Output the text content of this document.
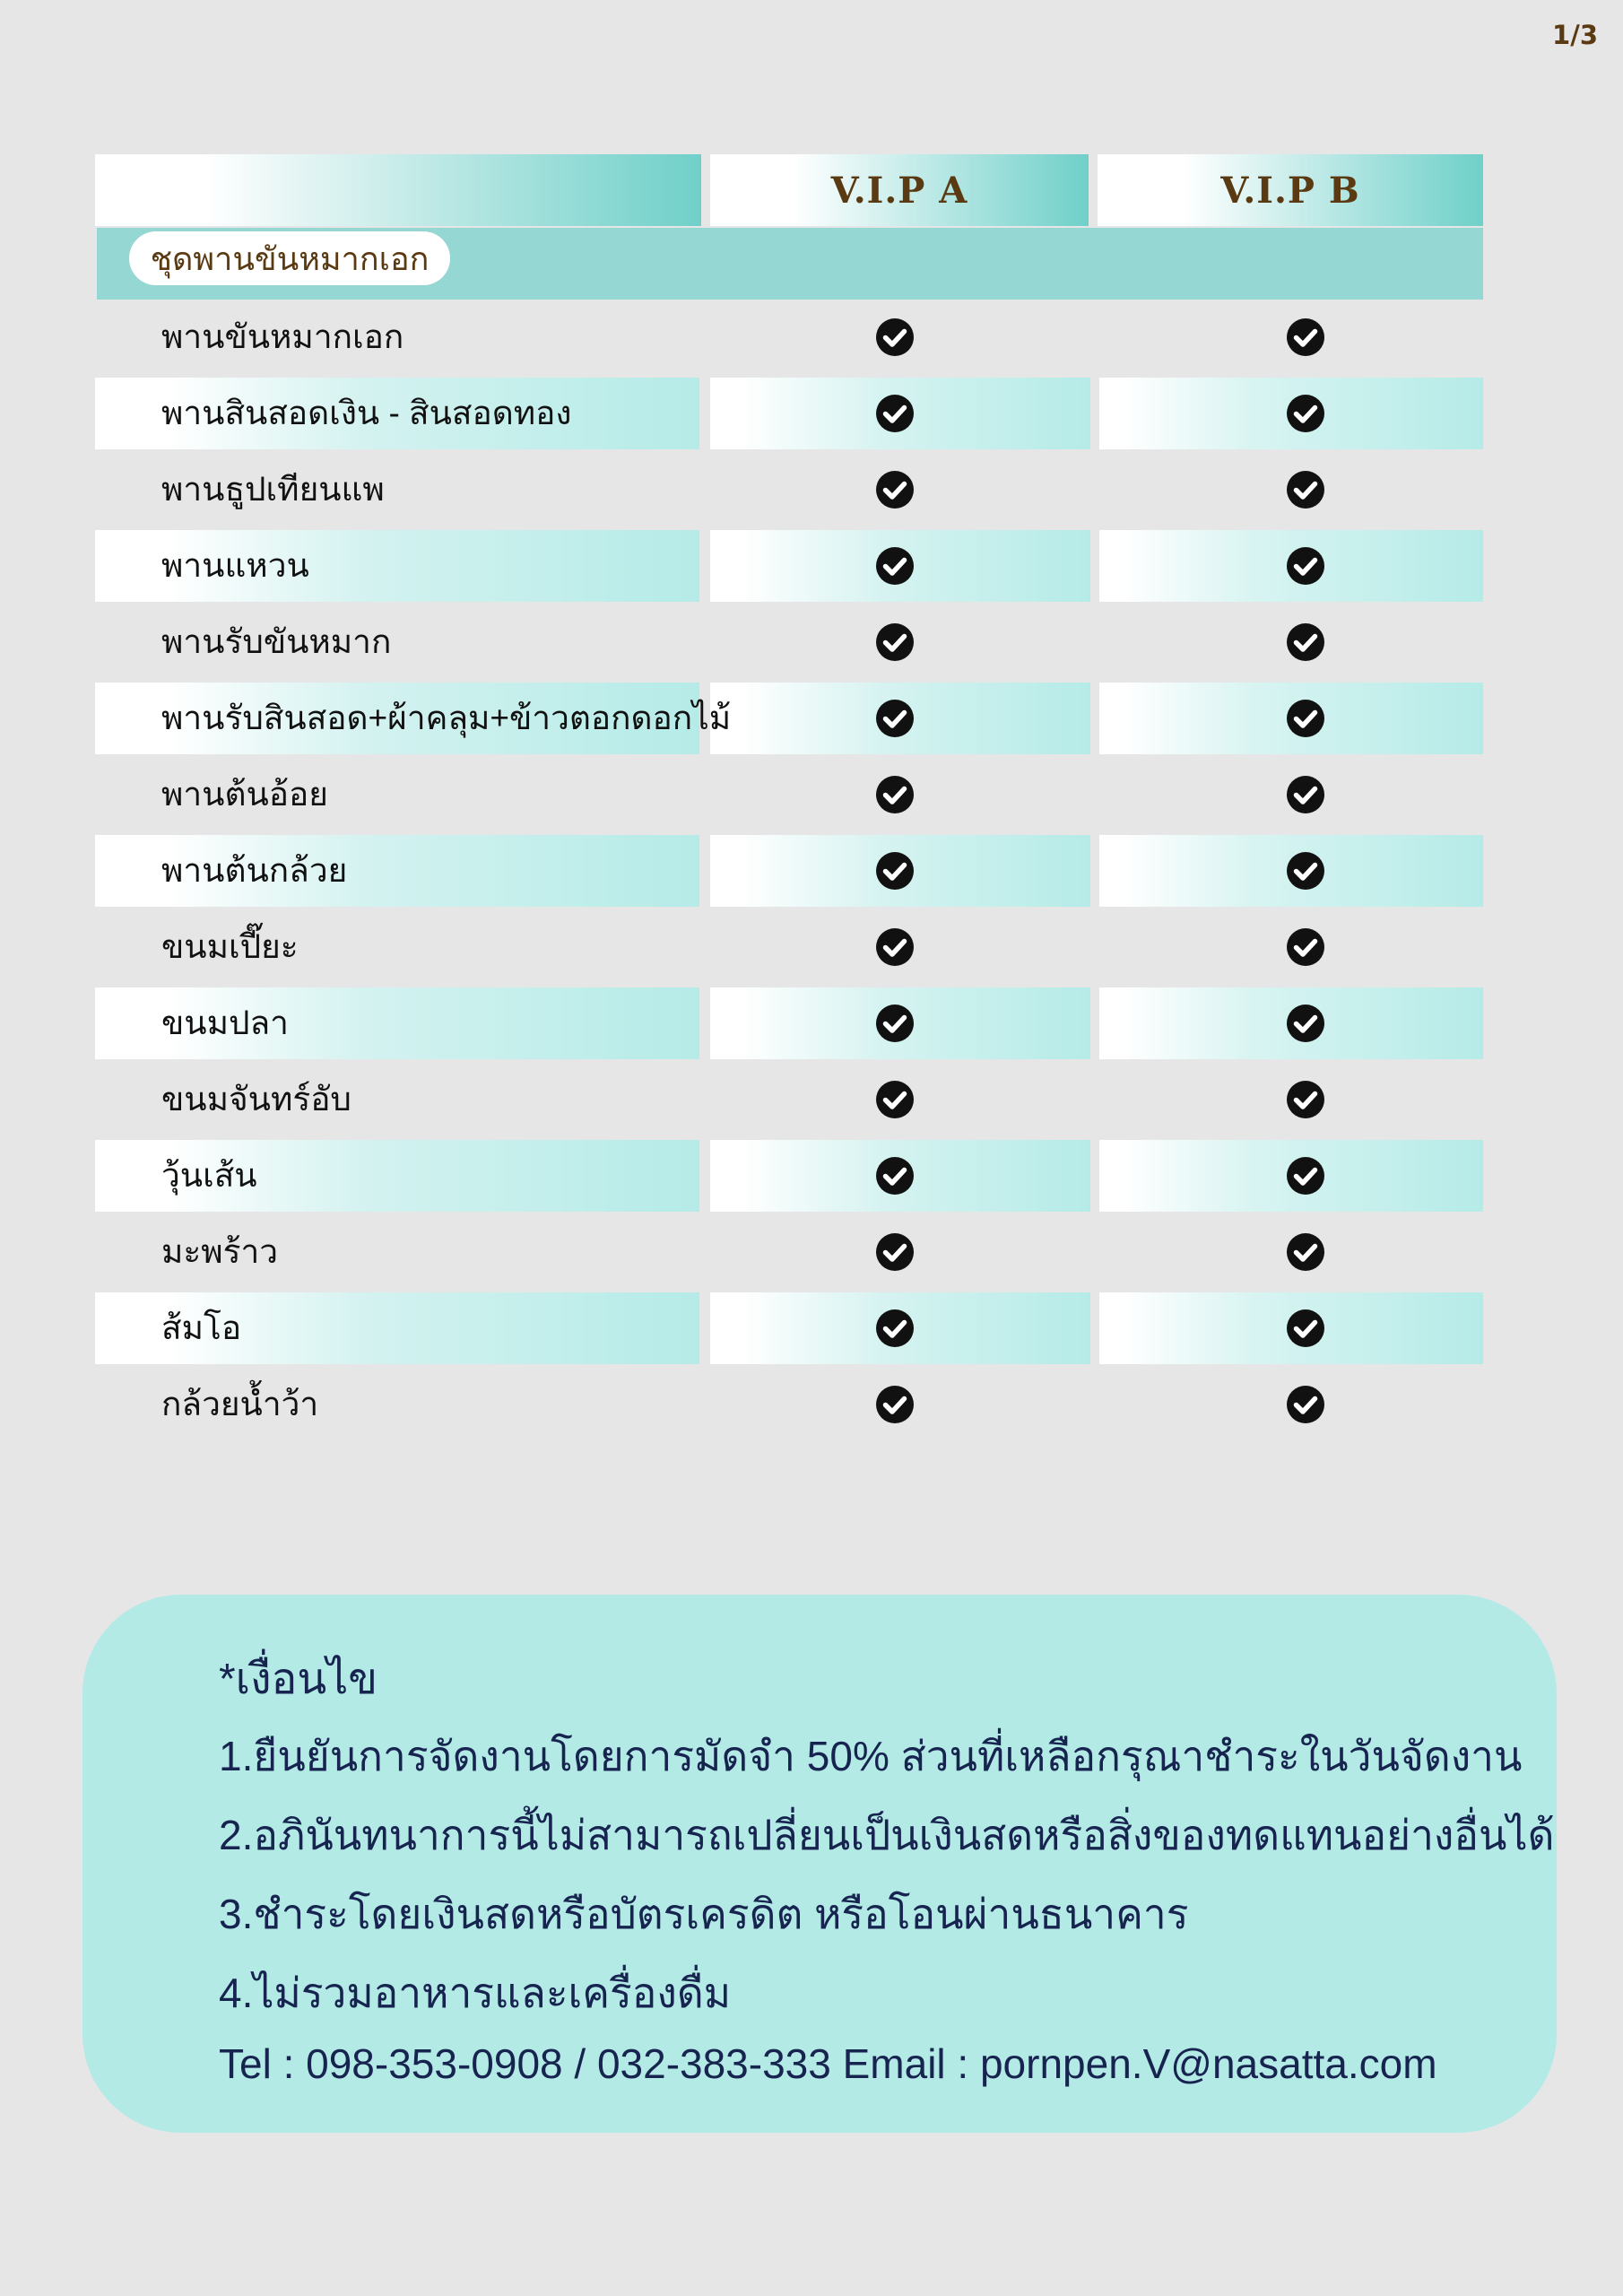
1/3
V.I.P A	V.I.P B
ชุดพานขันหมากเอก
พานขันหมากเอก
พานสินสอดเงิน - สินสอดทอง
พานธูปเทียนแพ
พานแหวน
พานรับขันหมาก
พานรับสินสอด+ผ้าคลุม+ข้าวตอกดอกไม้
พานต้นอ้อย
พานต้นกล้วย
ขนมเปี๊ยะ
ขนมปลา
ขนมจันทร์อับ
วุ้นเส้น
มะพร้าว
ส้มโอ
กล้วยน้ำว้า
*เงื่อนไข
1.ยืนยันการจัดงานโดยการมัดจำ 50% ส่วนที่เหลือกรุณาชำระในวันจัดงาน
2.อภินันทนาการนี้ไม่สามารถเปลี่ยนเป็นเงินสดหรือสิ่งของทดแทนอย่างอื่นได้
3.ชำระโดยเงินสดหรือบัตรเครดิต หรือโอนผ่านธนาคาร
4.ไม่รวมอาหารและเครื่องดื่ม
Tel : 098-353-0908 / 032-383-333 Email : pornpen.V@nasatta.com
